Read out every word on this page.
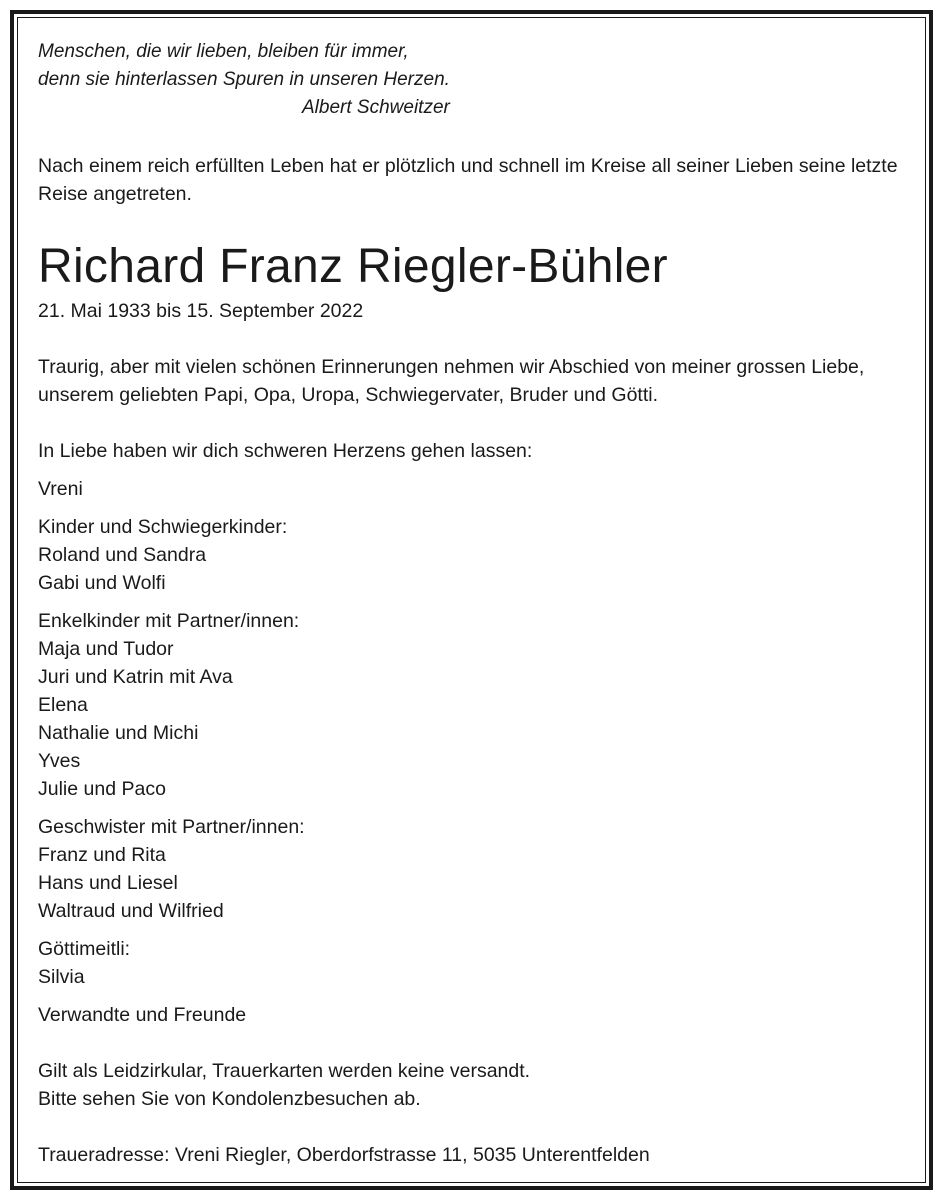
Menschen, die wir lieben, bleiben für immer,

denn sie hinterlassen Spuren in unseren Herzen.

Albert Schweitzer

Nach einem reich erfüllten Leben hat er plötzlich und schnell im Kreise all seiner Lieben seine letzte Reise angetreten.

Richard Franz Riegler-Bühler

21. Mai 1933 bis 15. September 2022

Traurig, aber mit vielen schönen Erinnerungen nehmen wir Abschied von meiner grossen Liebe, unserem geliebten Papi, Opa, Uropa, Schwiegervater, Bruder und Götti.

In Liebe haben wir dich schweren Herzens gehen lassen:

Vreni

Kinder und Schwiegerkinder:

Roland und Sandra

Gabi und Wolfi

Enkelkinder mit Partner/innen:

Maja und Tudor

Juri und Katrin mit Ava

Elena

Nathalie und Michi

Yves

Julie und Paco

Geschwister mit Partner/innen:

Franz und Rita

Hans und Liesel

Waltraud und Wilfried

Göttimeitli:

Silvia

Verwandte und Freunde

Gilt als Leidzirkular, Trauerkarten werden keine versandt.

Bitte sehen Sie von Kondolenzbesuchen ab.

Traueradresse: Vreni Riegler, Oberdorfstrasse 11, 5035 Unterentfelden
